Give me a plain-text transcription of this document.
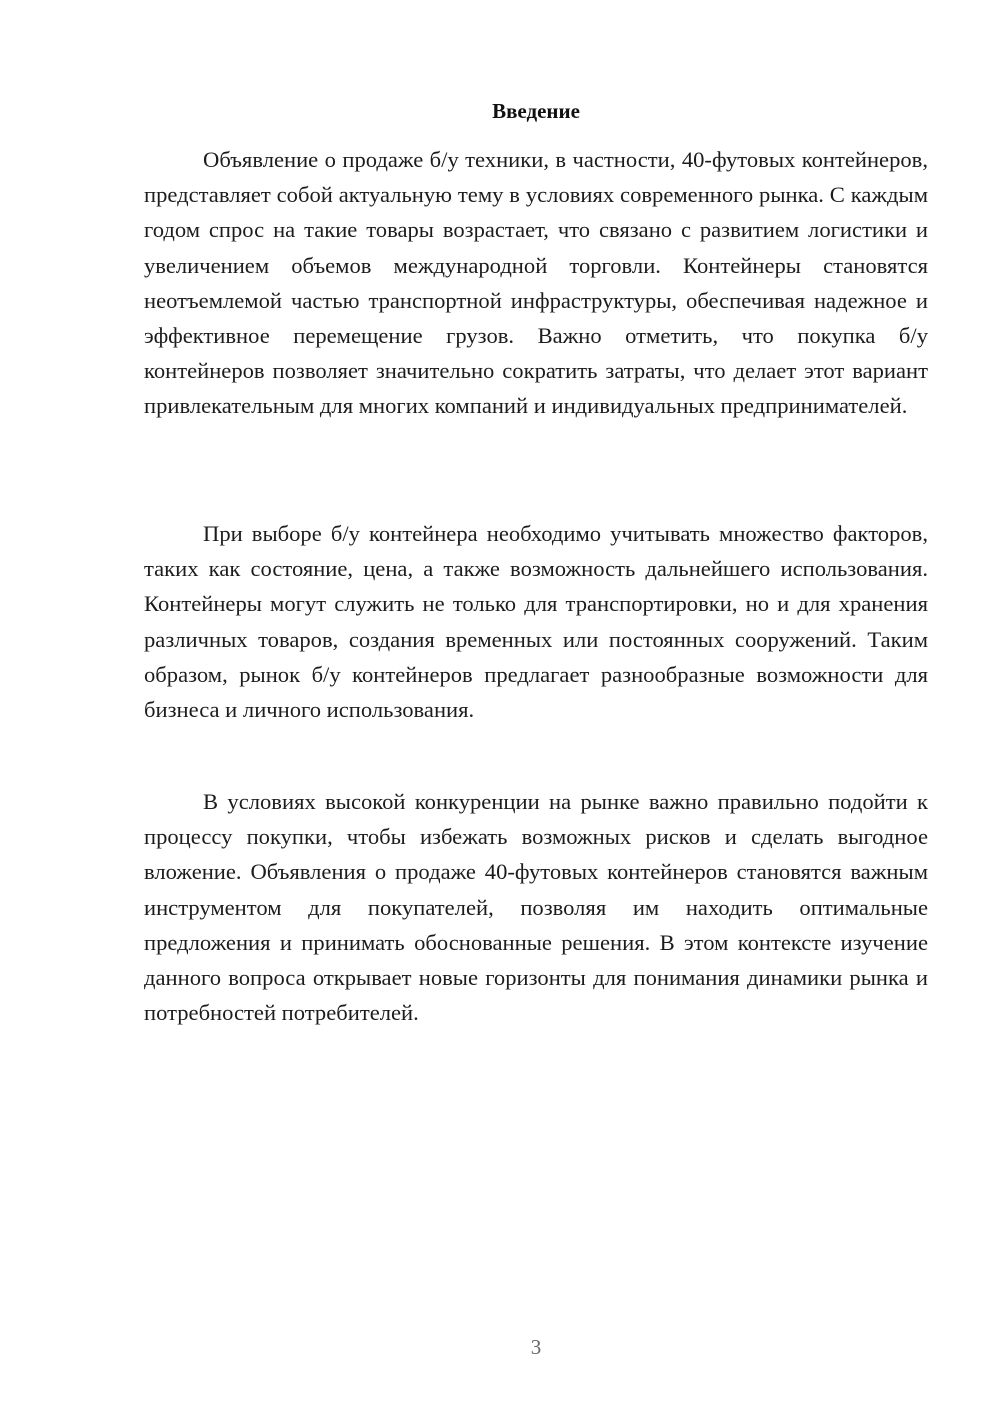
Введение

Объявление о продаже б/у техники, в частности, 40-футовых контейнеров, представляет собой актуальную тему в условиях современного рынка. С каждым годом спрос на такие товары возрастает, что связано с развитием логистики и увеличением объемов международной торговли. Контейнеры становятся неотъемлемой частью транспортной инфраструктуры, обеспечивая надежное и эффективное перемещение грузов. Важно отметить, что покупка б/у контейнеров позволяет значительно сократить затраты, что делает этот вариант привлекательным для многих компаний и индивидуальных предпринимателей.

При выборе б/у контейнера необходимо учитывать множество факторов, таких как состояние, цена, а также возможность дальнейшего использования. Контейнеры могут служить не только для транспортировки, но и для хранения различных товаров, создания временных или постоянных сооружений. Таким образом, рынок б/у контейнеров предлагает разнообразные возможности для бизнеса и личного использования.

В условиях высокой конкуренции на рынке важно правильно подойти к процессу покупки, чтобы избежать возможных рисков и сделать выгодное вложение. Объявления о продаже 40-футовых контейнеров становятся важным инструментом для покупателей, позволяя им находить оптимальные предложения и принимать обоснованные решения. В этом контексте изучение данного вопроса открывает новые горизонты для понимания динамики рынка и потребностей потребителей.

3
